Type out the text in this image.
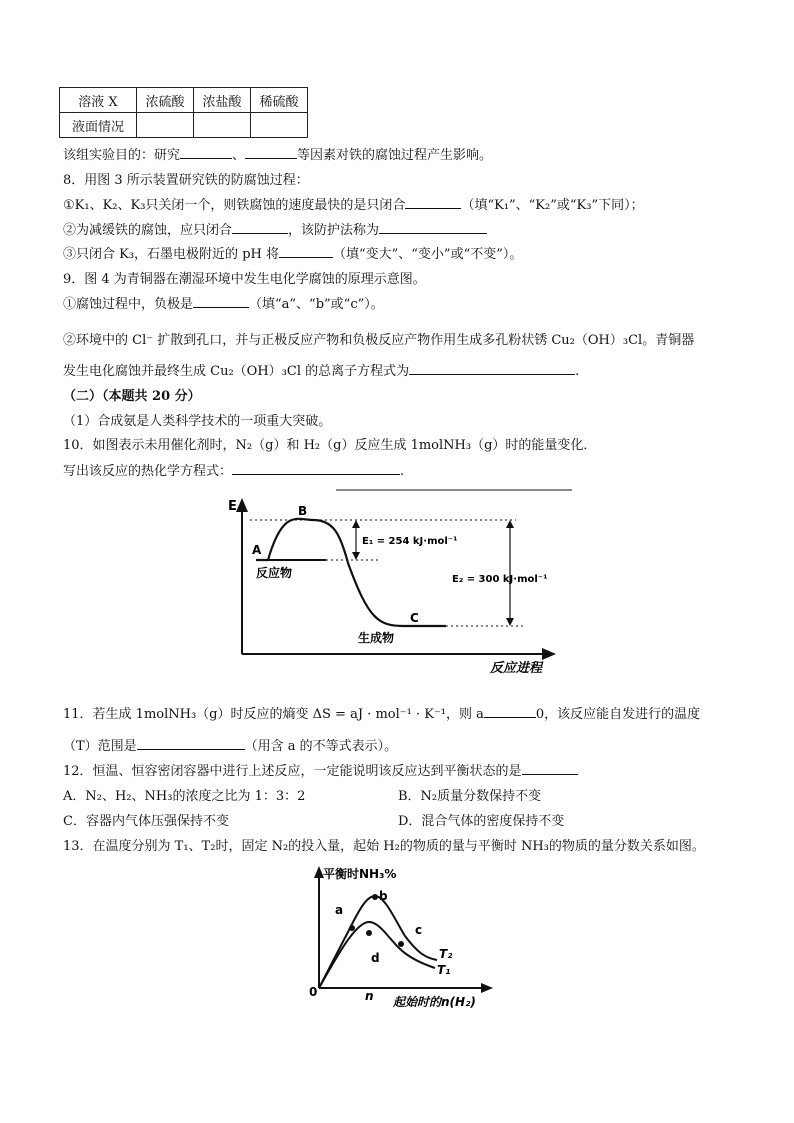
溶液 X	浓硫酸	浓盐酸	稀硫酸
液面情况			
该组实验目的：研究	、	等因素对铁的腐蚀过程产生影响。
8．用图 3 所示装置研究铁的防腐蚀过程：
①K₁、K₂、K₃只关闭一个，则铁腐蚀的速度最快的是只闭合	（填“K₁”、“K₂”或“K₃”下同）；
②为减缓铁的腐蚀，应只闭合	，该防护法称为
③只闭合 K₃，石墨电极附近的 pH 将	（填“变大”、“变小”或“不变”）。
9．图 4 为青铜器在潮湿环境中发生电化学腐蚀的原理示意图。
①腐蚀过程中，负极是	（填“a”、“b”或“c”）。
②环境中的 Cl⁻ 扩散到孔口，并与正极反应产物和负极反应产物作用生成多孔粉状锈 Cu₂（OH）₃Cl。青铜器
发生电化腐蚀并最终生成 Cu₂（OH）₃Cl 的总离子方程式为	.
（二）（本题共 20 分）
（1）合成氨是人类科学技术的一项重大突破。
10．如图表示未用催化剂时，N₂（g）和 H₂（g）反应生成 1molNH₃（g）时的能量变化．
写出该反应的热化学方程式：	.
E
反应进程
A
B
C
反应物
生成物
E₁ = 254 kJ·mol⁻¹
E₂ = 300 kJ·mol⁻¹
11．若生成 1molNH₃（g）时反应的熵变 ΔS = aJ · mol⁻¹ · K⁻¹，则 a	0，该反应能自发进行的温度
（T）范围是	（用含 a 的不等式表示）。
12．恒温、恒容密闭容器中进行上述反应，一定能说明该反应达到平衡状态的是
A．N₂、H₂、NH₃的浓度之比为 1：3：2	B．N₂质量分数保持不变
C．容器内气体压强保持不变	D．混合气体的密度保持不变
13．在温度分别为 T₁、T₂时，固定 N₂的投入量，起始 H₂的物质的量与平衡时 NH₃的物质的量分数关系如图。
平衡时NH₃%
起始时的n(H₂)
0	n
a
b
c
d	T₂
T₁
